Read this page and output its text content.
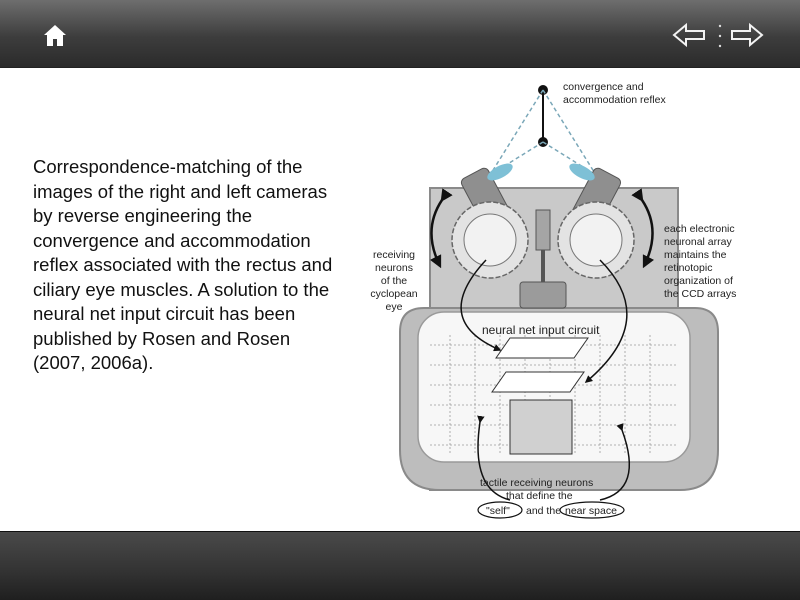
Correspondence-matching of the images of the right and left cameras by reverse engineering the convergence and accommodation reflex associated with the rectus and ciliary eye muscles. A solution to the neural net input circuit has been published by Rosen and Rosen (2007, 2006a).

convergence and
accommodation reflex
receiving
neurons
of the
cyclopean
eye
each electronic
neuronal array
maintains the
retinotopic
organization of
the CCD arrays
neural net input circuit
tactile receiving neurons
that define the
"self" and the near space
